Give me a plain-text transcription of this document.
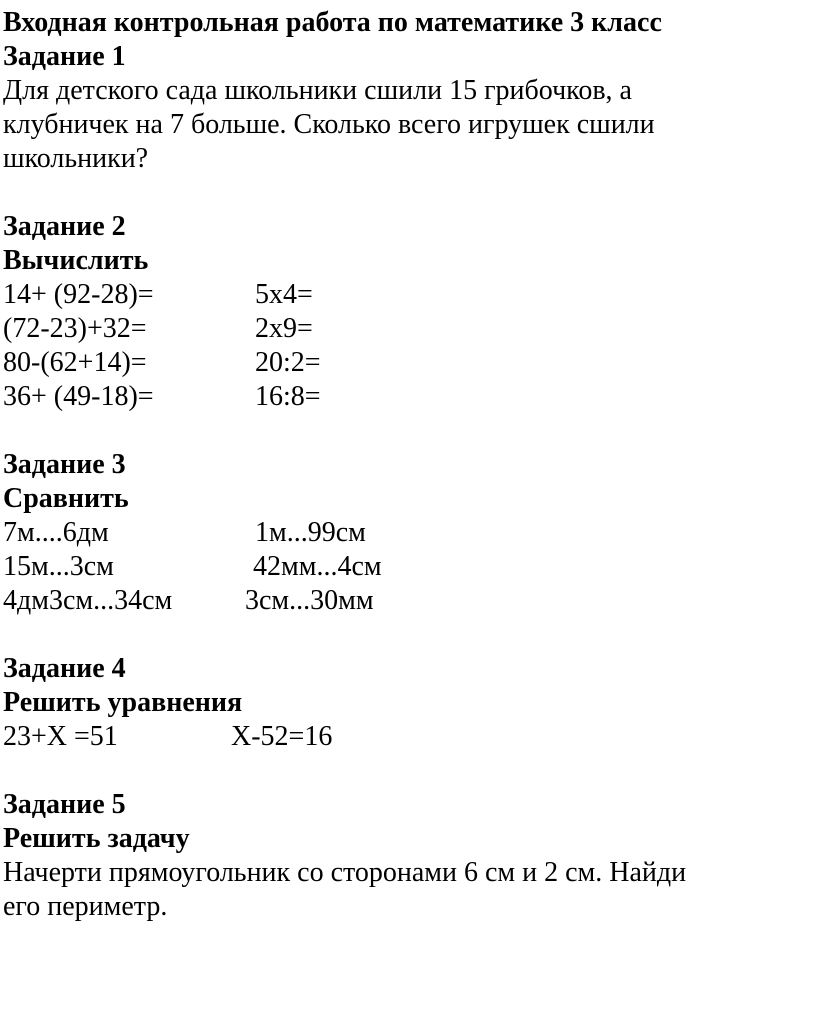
Входная контрольная работа по математике 3 класс
Задание 1
Для детского сада школьники сшили 15 грибочков, а
клубничек на 7 больше. Сколько всего игрушек сшили
школьники?
Задание 2
Вычислить
14+ (92-28)=	5х4=
(72-23)+32=	2х9=
80-(62+14)=	20:2=
36+ (49-18)=	16:8=
Задание 3
Сравнить
7м....6дм	1м...99см
15м...3см	42мм...4см
4дм3см...34см	3см...30мм
Задание 4
Решить уравнения
23+Х =51	Х-52=16
Задание 5
Решить задачу
Начерти прямоугольник со сторонами 6 см и 2 см. Найди
его периметр.
